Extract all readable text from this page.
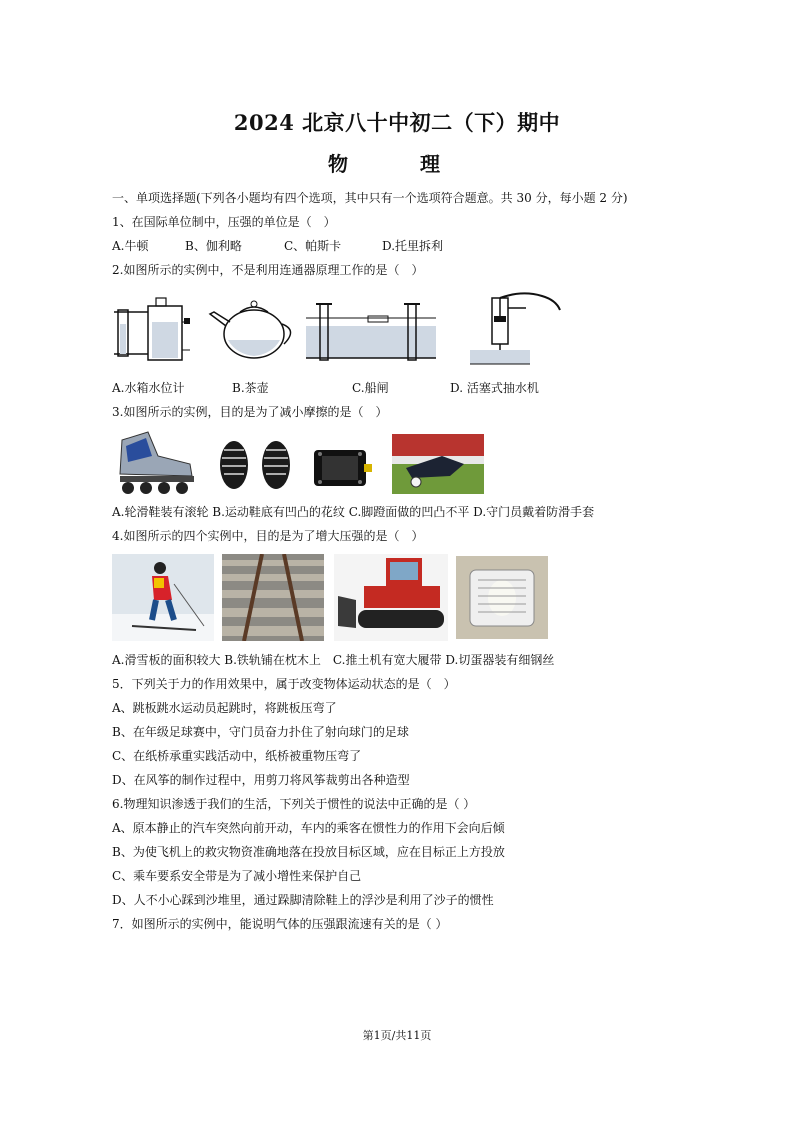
2024 北京八十中初二（下）期中
物　理
一、单项选择题(下列各小题均有四个选项，其中只有一个选项符合题意。共 30 分，每小题 2 分)
1、在国际单位制中，压强的单位是（　）
A.牛顿	B、伽利略	C、帕斯卡	D.托里拆利
2.如图所示的实例中，不是利用连通器原理工作的是（　）
A.水箱水位计	B.茶壶	C.船闸	D. 活塞式抽水机
3.如图所示的实例，目的是为了减小摩擦的是（　）
A.轮滑鞋装有滚轮 B.运动鞋底有凹凸的花纹 C.脚蹬面做的凹凸不平 D.守门员戴着防滑手套
4.如图所示的四个实例中，目的是为了增大压强的是（　）
A.滑雪板的面积较大 B.铁轨铺在枕木上　C.推土机有宽大履带 D.切蛋器装有细钢丝
5．下列关于力的作用效果中，属于改变物体运动状态的是（　）
A、跳板跳水运动员起跳时，将跳板压弯了
B、在年级足球赛中，守门员奋力扑住了射向球门的足球
C、在纸桥承重实践活动中，纸桥被重物压弯了
D、在风筝的制作过程中，用剪刀将风筝裁剪出各种造型
6.物理知识渗透于我们的生活，下列关于惯性的说法中正确的是（ ）
A、原本静止的汽车突然向前开动，车内的乘客在惯性力的作用下会向后倾
B、为使飞机上的救灾物资准确地落在投放目标区域，应在目标正上方投放
C、乘车要系安全带是为了减小增性来保护自己
D、人不小心踩到沙堆里，通过跺脚清除鞋上的浮沙是利用了沙子的惯性
7．如图所示的实例中，能说明气体的压强跟流速有关的是（ ）
第1页/共11页
